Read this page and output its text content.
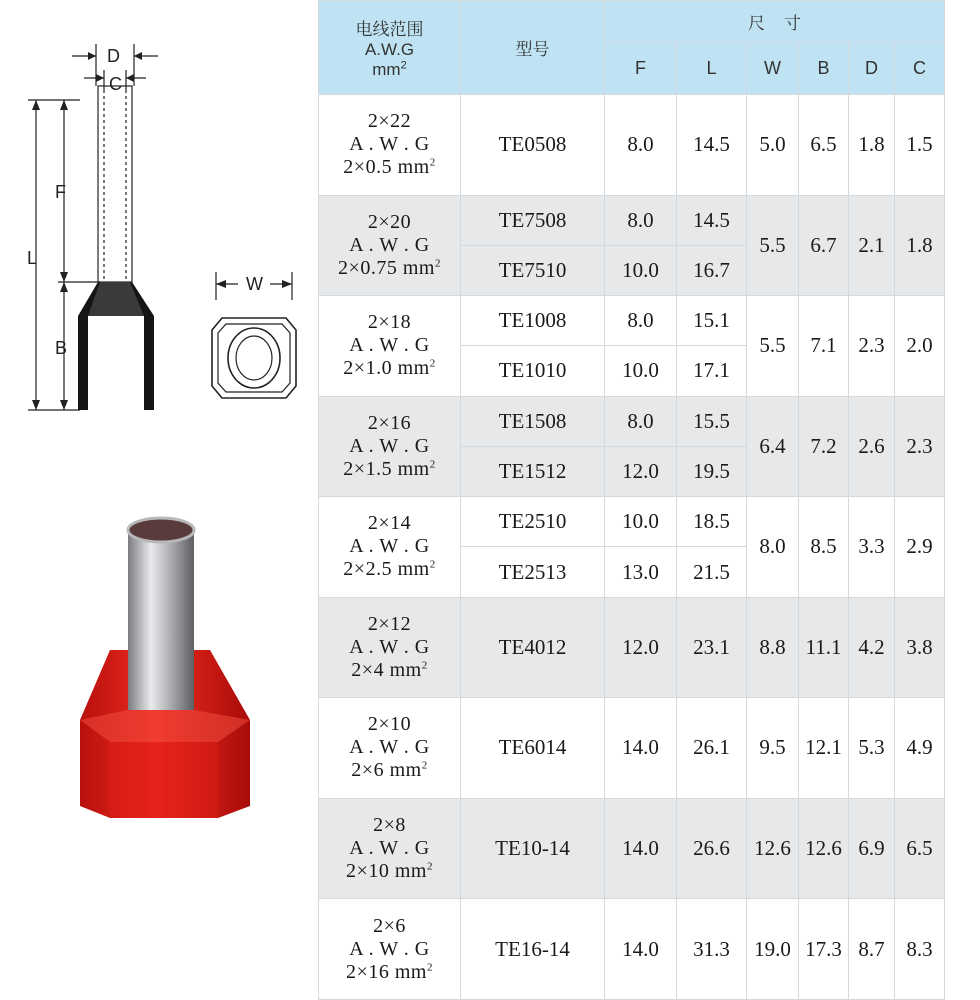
D
C
F
L
B
W
电线范围
A.W.G
$mm^2$	型号	尺    寸					
		F	L	W	B	D	C

2×22
A . W . G
2×0.5 $mm^2$	TE0508	8.0	14.5	5.0	6.5	1.8	1.5

2×20
A . W . G
2×0.75 $mm^2$	TE7508	8.0	14.5	5.5	6.7	2.1	1.8
	TE7510	10.0	16.7				

2×18
A . W . G
2×1.0 $mm^2$	TE1008	8.0	15.1	5.5	7.1	2.3	2.0
	TE1010	10.0	17.1				

2×16
A . W . G
2×1.5 $mm^2$	TE1508	8.0	15.5	6.4	7.2	2.6	2.3
	TE1512	12.0	19.5				

2×14
A . W . G
2×2.5 $mm^2$	TE2510	10.0	18.5	8.0	8.5	3.3	2.9
	TE2513	13.0	21.5				

2×12
A . W . G
2×4 $mm^2$	TE4012	12.0	23.1	8.8	11.1	4.2	3.8

2×10
A . W . G
2×6 $mm^2$	TE6014	14.0	26.1	9.5	12.1	5.3	4.9

2×8
A . W . G
2×10 $mm^2$	TE10-14	14.0	26.6	12.6	12.6	6.9	6.5

2×6
A . W . G
2×16 $mm^2$	TE16-14	14.0	31.3	19.0	17.3	8.7	8.3
